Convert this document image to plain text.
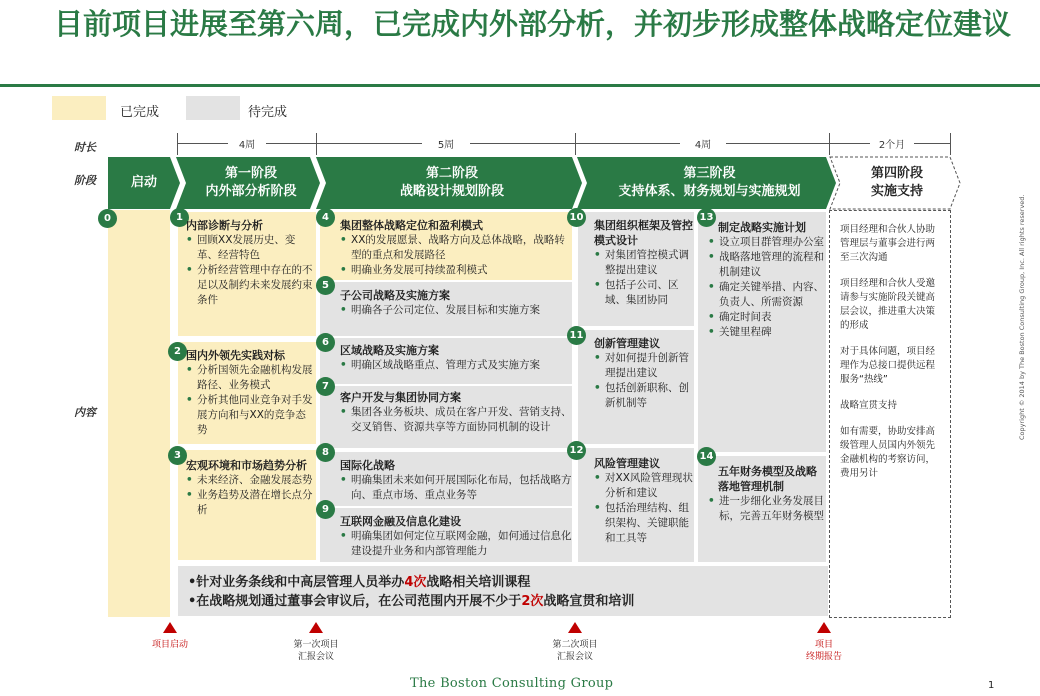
目前项目进展至第六周，已完成内外部分析，并初步形成整体战略定位建议
已完成	待完成
时长
阶段
内容
4周	5周	4周	2个月
启动
第一阶段
内外部分析阶段
第二阶段
战略设计规划阶段
第三阶段
支持体系、财务规划与实施规划
第四阶段
实施支持
0	1
内部诊断与分析
• 回顾XX发展历史、变革、经营特色
• 分析经营管理中存在的不足以及制约未来发展约束条件
2 国内外领先实践对标
• 分析国领先金融机构发展路径、业务模式
• 分析其他同业竞争对手发展方向和与XX的竞争态势
3
宏观环境和市场趋势分析
• 未来经济、金融发展态势
• 业务趋势及潜在增长点分析
4
集团整体战略定位和盈利模式
• XX的发展愿景、战略方向及总体战略，战略转型的重点和发展路径
• 明确业务发展可持续盈利模式
5
子公司战略及实施方案
• 明确各子公司定位、发展目标和实施方案
6
区域战略及实施方案
• 明确区域战略重点、管理方式及实施方案
7
客户开发与集团协同方案
• 集团各业务板块、成员在客户开发、营销支持、交叉销售、资源共享等方面协同机制的设计
8
国际化战略
• 明确集团未来如何开展国际化布局，包括战略方向、重点市场、重点业务等
9
互联网金融及信息化建设
• 明确集团如何定位互联网金融，如何通过信息化建设提升业务和内部管理能力
10
集团组织框架及管控模式设计
• 对集团管控模式调整提出建议
• 包括子公司、区域、集团协同
11
创新管理建议
• 对如何提升创新管理提出建议
• 包括创新职称、创新机制等
12
风险管理建议
• 对XX风险管理现状分析和建议
• 包括治理结构、组织架构、关键职能和工具等
13
制定战略实施计划
• 设立项目群管理办公室
• 战略落地管理的流程和机制建议
• 确定关键举措、内容、负责人、所需资源
• 确定时间表
• 关键里程碑
14
五年财务模型及战略落地管理机制
• 进一步细化业务发展目标，完善五年财务模型

项目经理和合伙人协助管理层与董事会进行两至三次沟通

项目经理和合伙人受邀请参与实施阶段关键高层会议，推进重大决策的形成

对于具体问题，项目经理作为总接口提供远程服务“热线”

战略宣贯支持

如有需要，协助安排高级管理人员国内外领先金融机构的考察访问，费用另计

•针对业务条线和中高层管理人员举办4次战略相关培训课程
•在战略规划通过董事会审议后，在公司范围内开展不少于2次战略宣贯和培训
项目启动	第一次项目
汇报会议
第二次项目
汇报会议
项目
终期报告
The Boston Consulting Group	1
Copyright © 2014 by The Boston Consulting Group, Inc. All rights reserved.
